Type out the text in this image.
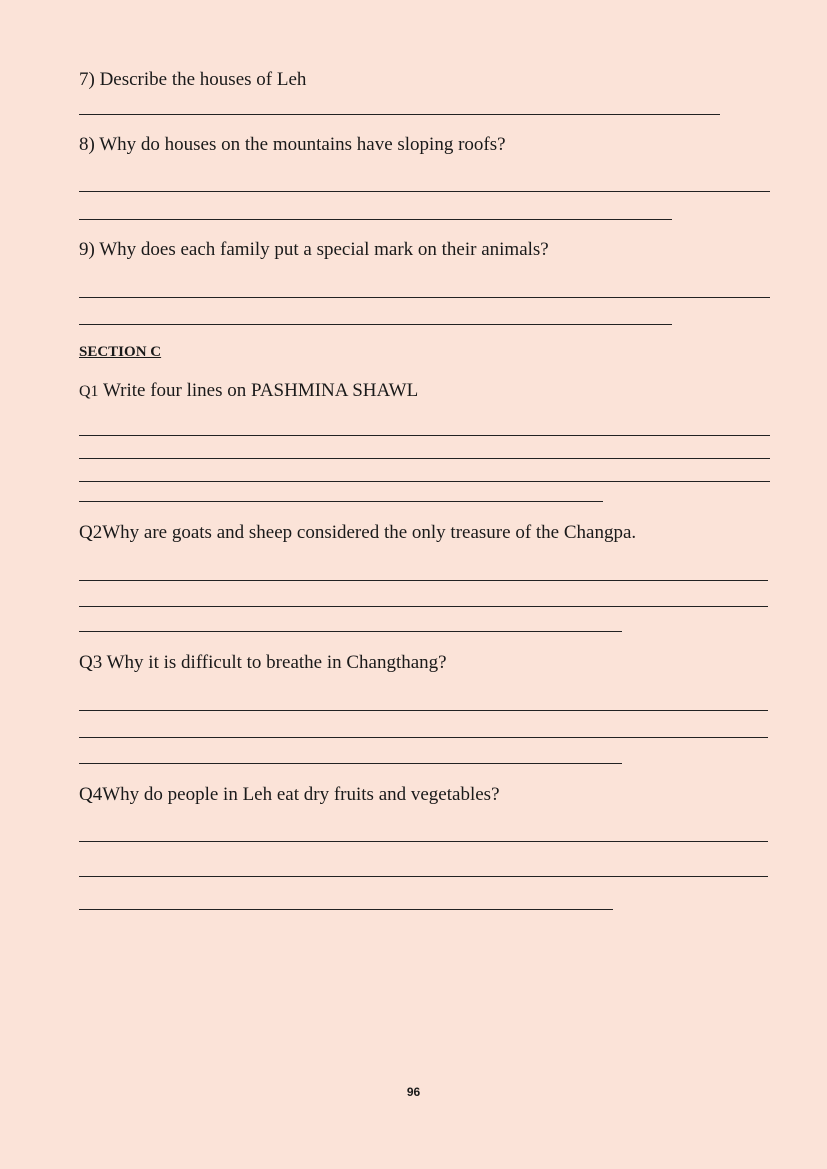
7) Describe the houses of Leh
8) Why do houses on the mountains have sloping roofs?
9) Why does each family put a special mark on their animals?
SECTION C
Q1 Write four lines on PASHMINA SHAWL
Q2Why are goats and sheep considered the only treasure of the Changpa.
Q3 Why it is difficult to breathe in Changthang?
Q4Why do people in Leh eat dry fruits and vegetables?
96
